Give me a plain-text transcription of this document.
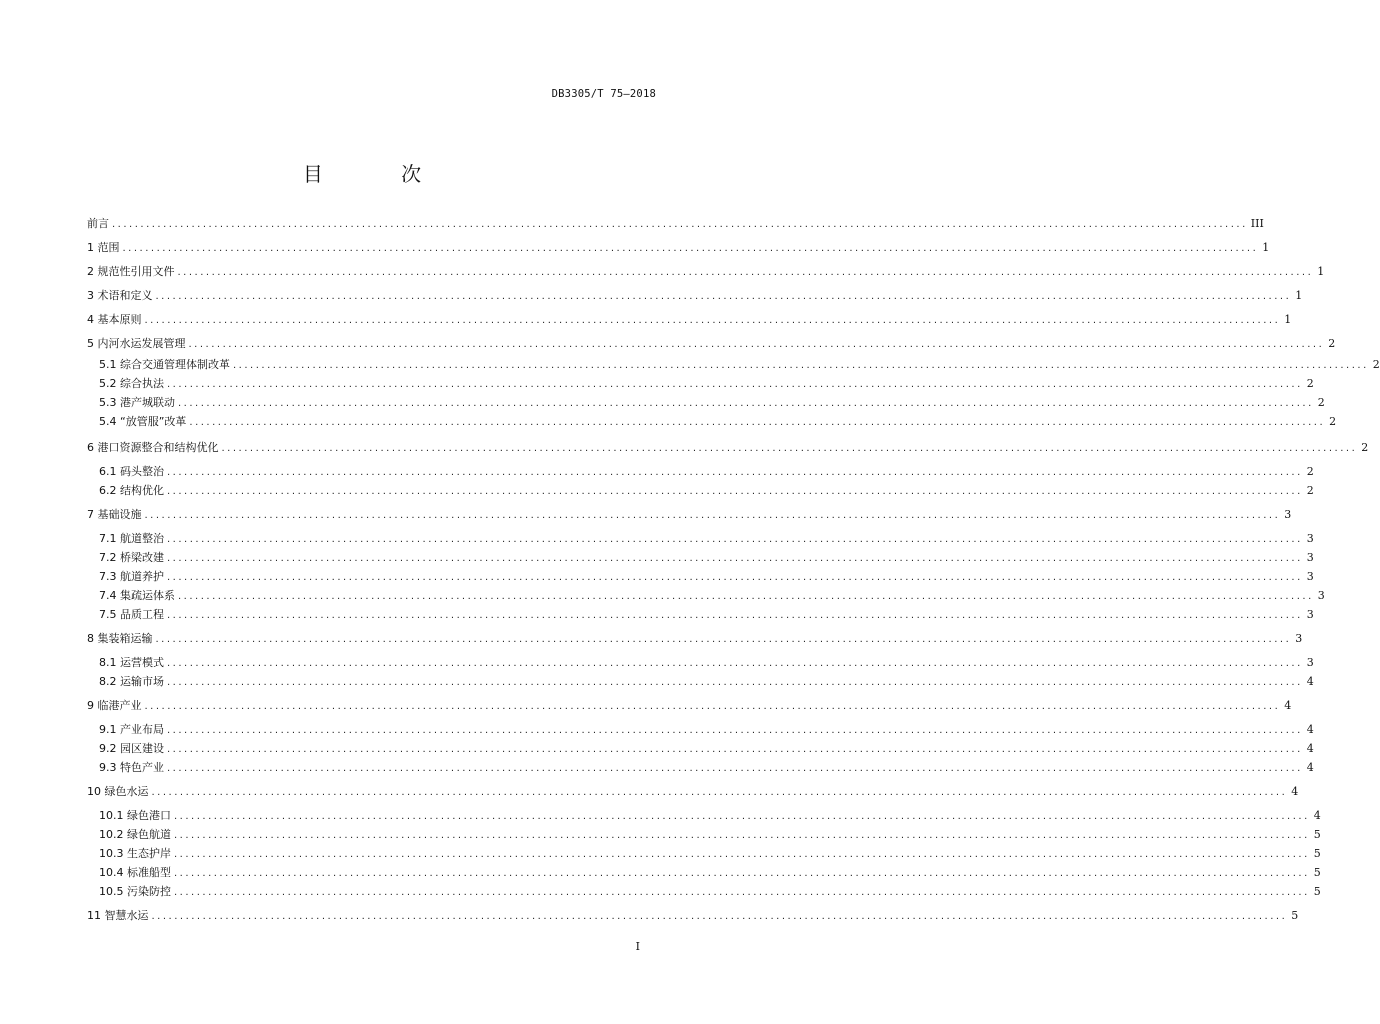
DB3305/T 75—2018
目 次
前言 ........................................................................................................................................................................................................ III
1 范围 ........................................................................................................................................................................................................ 1
2 规范性引用文件 ........................................................................................................................................................................................................ 1
3 术语和定义 ........................................................................................................................................................................................................ 1
4 基本原则 ........................................................................................................................................................................................................ 1
5 内河水运发展管理 ........................................................................................................................................................................................................ 2
5.1 综合交通管理体制改革 ........................................................................................................................................................................................................ 2
5.2 综合执法 ........................................................................................................................................................................................................ 2
5.3 港产城联动 ........................................................................................................................................................................................................ 2
5.4 “放管服”改革 ........................................................................................................................................................................................................ 2
6 港口资源整合和结构优化 ........................................................................................................................................................................................................ 2
6.1 码头整治 ........................................................................................................................................................................................................ 2
6.2 结构优化 ........................................................................................................................................................................................................ 2
7 基础设施 ........................................................................................................................................................................................................ 3
7.1 航道整治 ........................................................................................................................................................................................................ 3
7.2 桥梁改建 ........................................................................................................................................................................................................ 3
7.3 航道养护 ........................................................................................................................................................................................................ 3
7.4 集疏运体系 ........................................................................................................................................................................................................ 3
7.5 品质工程 ........................................................................................................................................................................................................ 3
8 集装箱运输 ........................................................................................................................................................................................................ 3
8.1 运营模式 ........................................................................................................................................................................................................ 3
8.2 运输市场 ........................................................................................................................................................................................................ 4
9 临港产业 ........................................................................................................................................................................................................ 4
9.1 产业布局 ........................................................................................................................................................................................................ 4
9.2 园区建设 ........................................................................................................................................................................................................ 4
9.3 特色产业 ........................................................................................................................................................................................................ 4
10 绿色水运 ........................................................................................................................................................................................................ 4
10.1 绿色港口 ........................................................................................................................................................................................................ 4
10.2 绿色航道 ........................................................................................................................................................................................................ 5
10.3 生态护岸 ........................................................................................................................................................................................................ 5
10.4 标准船型 ........................................................................................................................................................................................................ 5
10.5 污染防控 ........................................................................................................................................................................................................ 5
11 智慧水运 ........................................................................................................................................................................................................ 5
I
